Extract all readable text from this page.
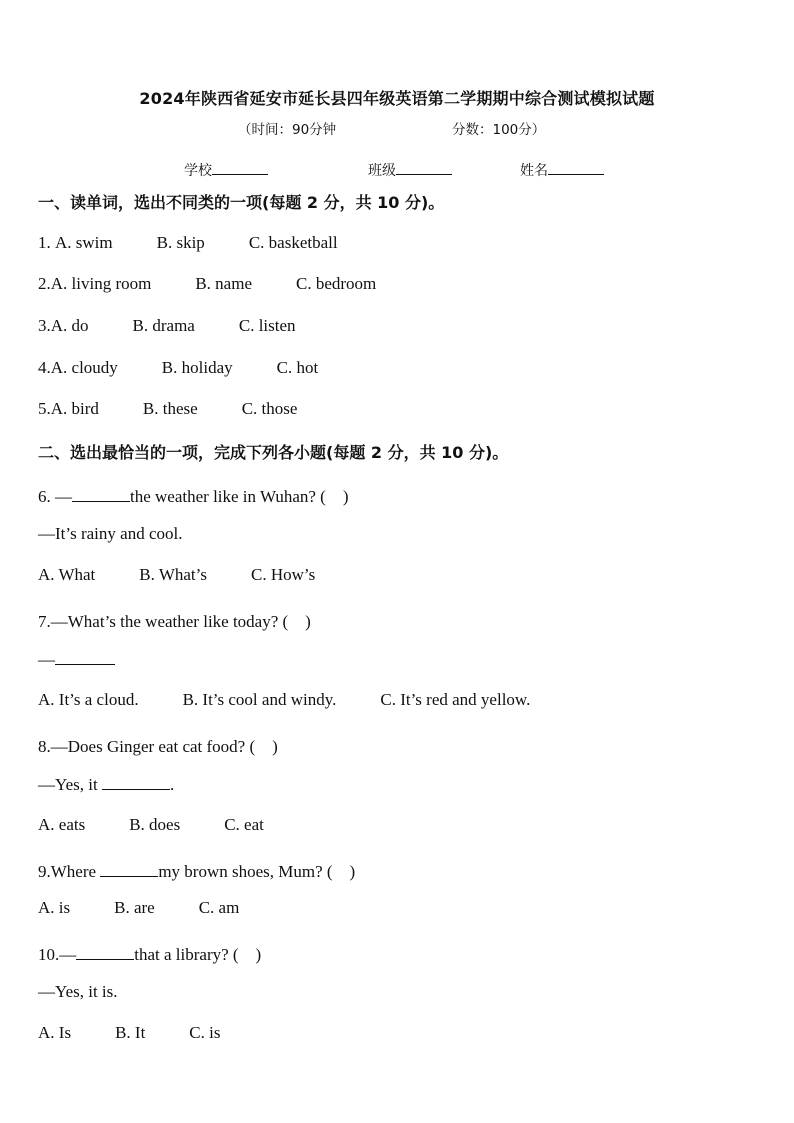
2024年陕西省延安市延长县四年级英语第二学期期中综合测试模拟试题
（时间：90分钟	分数：100分）
学校	班级	姓名
一、读单词，选出不同类的一项(每题 2 分，共 10 分)。
1. A. swim	B. skip	C. basketball
2.A. living room	B. name	C. bedroom
3.A. do	B. drama	C. listen
4.A. cloudy	B. holiday	C. hot
5.A. bird	B. these	C. those
二、选出最恰当的一项，完成下列各小题(每题 2 分，共 10 分)。
6. —	the weather like in Wuhan? (　)
—It’s rainy and cool.
A. What	B. What’s	C. How’s
7.—What’s the weather like today? (　)
—
A. It’s a cloud.	B. It’s cool and windy.	C. It’s red and yellow.
8.—Does Ginger eat cat food? (　)
—Yes, it	.
A. eats	B. does	C. eat
9.Where	my brown shoes, Mum? (　)
A. is	B. are	C. am
10.—	that a library? (　)
—Yes, it is.
A. Is	B. It	C. is
